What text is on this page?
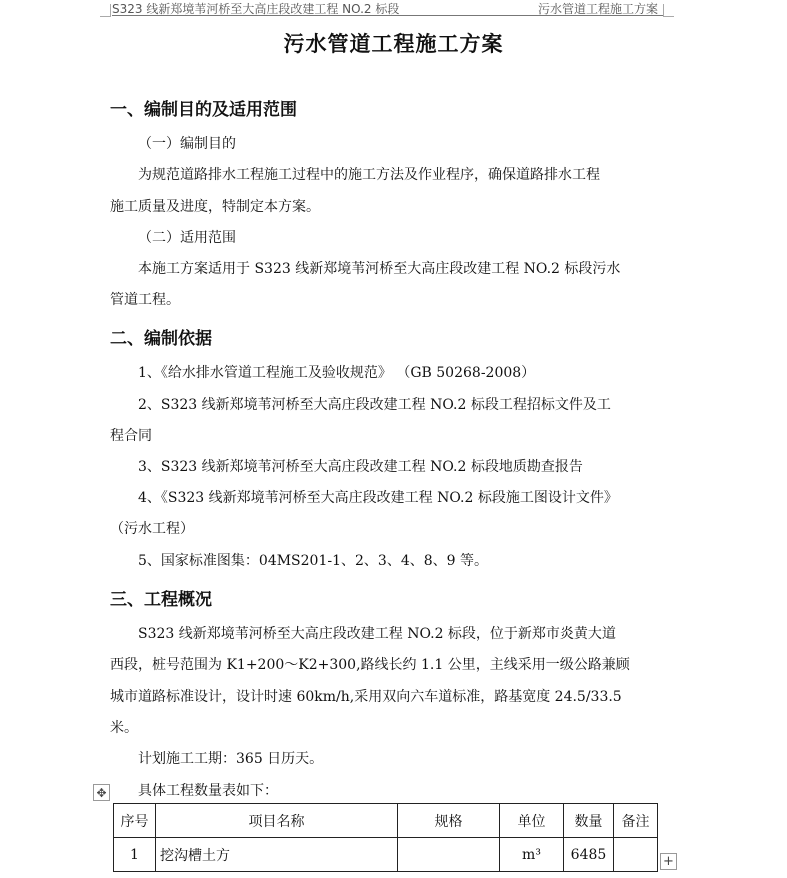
S323 线新郑境苇河桥至大高庄段改建工程 NO.2 标段	污水管道工程施工方案
污水管道工程施工方案
一、编制目的及适用范围
（一）编制目的
为规范道路排水工程施工过程中的施工方法及作业程序，确保道路排水工程
施工质量及进度，特制定本方案。
（二）适用范围
本施工方案适用于 S323 线新郑境苇河桥至大高庄段改建工程 NO.2 标段污水
管道工程。
二、编制依据
1、《给水排水管道工程施工及验收规范》 （GB 50268-2008）
2、S323 线新郑境苇河桥至大高庄段改建工程 NO.2 标段工程招标文件及工
程合同
3、S323 线新郑境苇河桥至大高庄段改建工程 NO.2 标段地质勘查报告
4、《S323 线新郑境苇河桥至大高庄段改建工程 NO.2 标段施工图设计文件》
（污水工程）
5、国家标准图集：04MS201-1、2、3、4、8、9 等。
三、工程概况
S323 线新郑境苇河桥至大高庄段改建工程 NO.2 标段，位于新郑市炎黄大道
西段，桩号范围为 K1+200～K2+300,路线长约 1.1 公里，主线采用一级公路兼顾
城市道路标准设计，设计时速 60km/h,采用双向六车道标准，路基宽度 24.5/33.5
米。
计划施工工期：365 日历天。
具体工程数量表如下：
✥
序号	项目名称	规格	单位	数量	备注
1	挖沟槽土方		m³	6485		+
